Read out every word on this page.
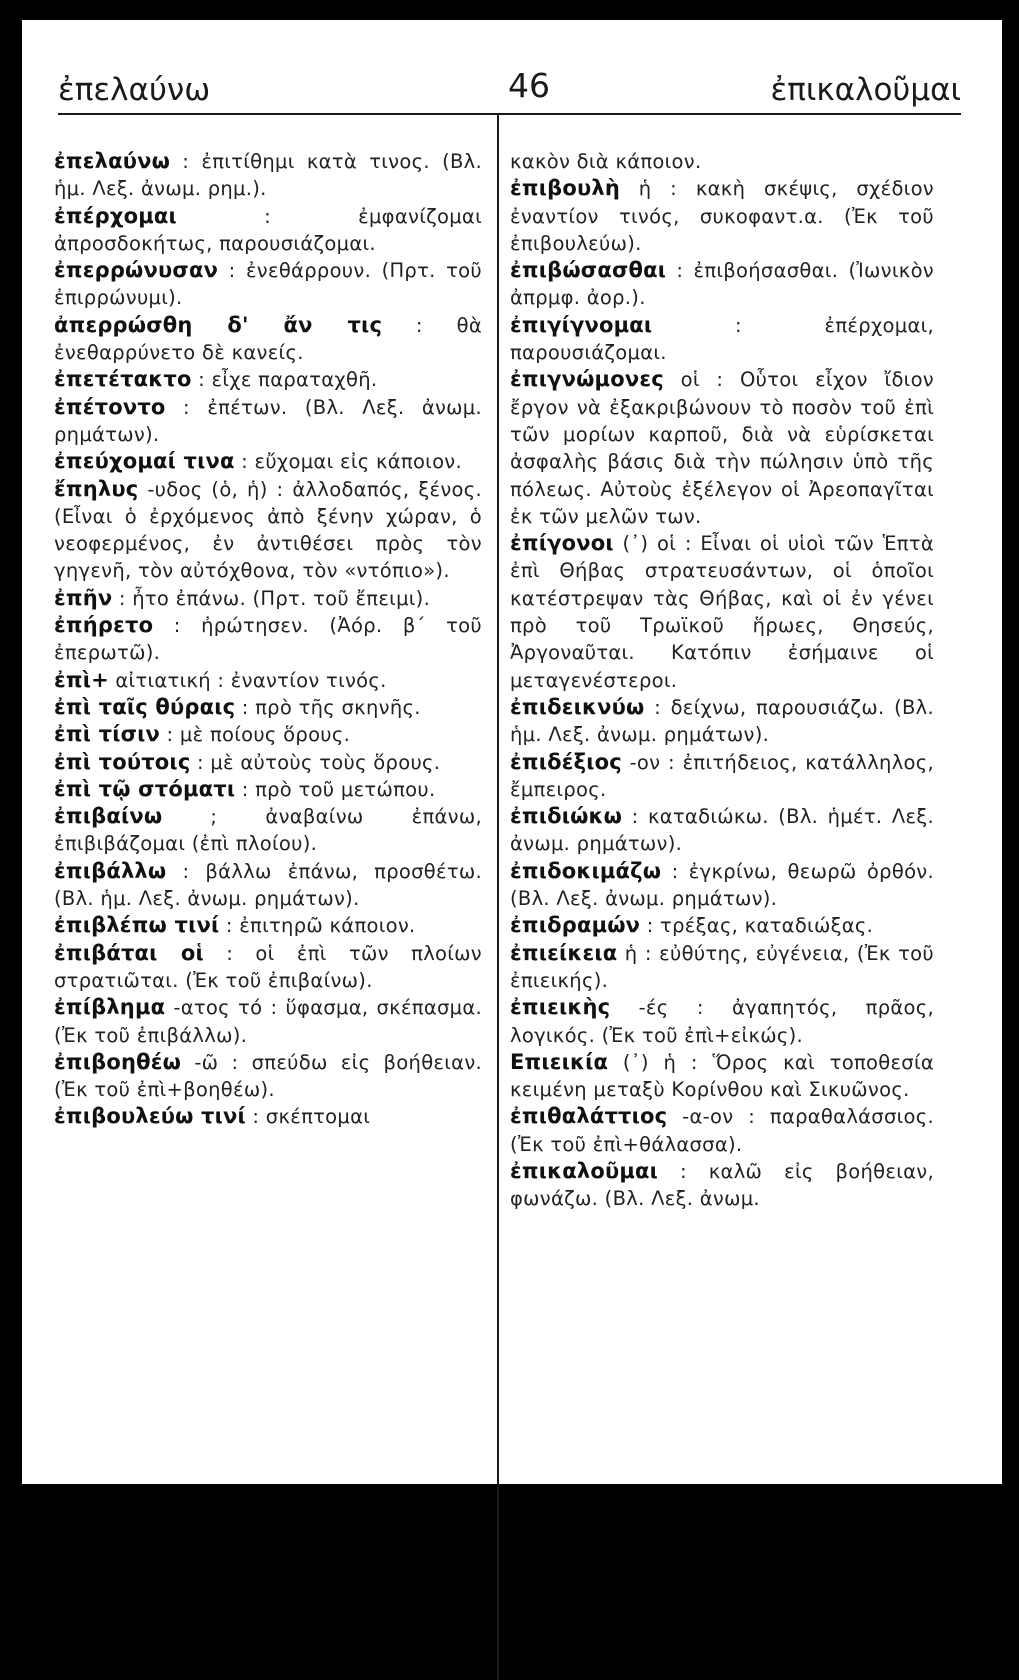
ἐπελαύνω	46	ἐπικαλοῦμαι

ἐπελαύνω : ἐπιτίθημι κατὰ τινος. (Βλ. ἡμ. Λεξ. ἀνωμ. ρημ.).

ἐπέρχομαι	: ἐμφανίζομαι ἀπροσδοκήτως, παρουσιάζομαι.

ἐπερρώνυσαν : ἐνεθάρρουν. (Πρτ. τοῦ ἐπιρρώνυμι).

ἀπερρώσθη δ' ἄν τις : θὰ ἐνεθαρρύνετο δὲ κανείς.

ἐπετέτακτο : εἶχε παραταχθῆ.

ἐπέτοντο : ἐπέτων. (Βλ. Λεξ. ἀνωμ. ρημάτων).

ἐπεύχομαί τινα : εὔχομαι εἰς κάποιον.

ἔπηλυς -υδος (ὁ, ἡ) : ἀλλοδαπός, ξένος. (Εἶναι ὁ ἐρχόμενος ἀπὸ ξένην χώραν, ὁ νεοφερμένος, ἐν ἀντιθέσει πρὸς τὸν γηγενῆ, τὸν αὐτόχθονα, τὸν «ντόπιο»).

ἐπῆν : ἦτο ἐπάνω. (Πρτ. τοῦ ἔπειμι).

ἐπήρετο : ἠρώτησεν. (Ἀόρ. β´ τοῦ ἐπερωτῶ).

ἐπὶ+ αἰτιατική : ἐναντίον τινός.

ἐπὶ ταῖς θύραις : πρὸ τῆς σκηνῆς.

ἐπὶ τίσιν : μὲ ποίους ὅρους.

ἐπὶ τούτοις : μὲ αὐτοὺς τοὺς ὅρους.

ἐπὶ τῷ στόματι : πρὸ τοῦ μετώπου.

ἐπιβαίνω ; ἀναβαίνω ἐπάνω, ἐπιβιβάζομαι (ἐπὶ πλοίου).

ἐπιβάλλω : βάλλω ἐπάνω, προσθέτω. (Βλ. ἡμ. Λεξ. ἀνωμ. ρημάτων).

ἐπιβλέπω τινί : ἐπιτηρῶ κάποιον.

ἐπιβάται οἱ : οἱ ἐπὶ τῶν πλοίων στρατιῶται. (Ἐκ τοῦ ἐπιβαίνω).

ἐπίβλημα -ατος τό : ὕφασμα, σκέπασμα. (Ἐκ τοῦ ἐπιβάλλω).

ἐπιβοηθέω -ῶ : σπεύδω εἰς βοήθειαν. (Ἐκ τοῦ ἐπὶ+βοηθέω).

ἐπιβουλεύω τινί : σκέπτομαι

κακὸν διὰ κάποιον.

ἐπιβουλὴ ἡ : κακὴ σκέψις, σχέδιον ἐναντίον τινός, συκοφαντ.α. (Ἐκ τοῦ ἐπιβουλεύω).

ἐπιβώσασθαι : ἐπιβοήσασθαι. (Ἰωνικὸν ἀπρμφ. ἀορ.).

ἐπιγίγνομαι	: ἐπέρχομαι, παρουσιάζομαι.

ἐπιγνώμονες οἱ : Οὗτοι εἶχον ἴδιον ἔργον νὰ ἐξακριβώνουν τὸ ποσὸν τοῦ ἐπὶ τῶν μορίων καρποῦ, διὰ νὰ εὑρίσκεται ἀσφαλὴς βάσις διὰ τὴν πώλησιν ὑπὸ τῆς πόλεως. Αὐτοὺς ἐξέλεγον οἱ Ἀρεοπαγῖται ἐκ τῶν μελῶν των.

ἐπίγονοι (᾿) οἱ : Εἶναι οἱ υἱοὶ τῶν Ἑπτὰ ἐπὶ Θήβας στρατευσάντων, οἱ ὁποῖοι κατέστρεψαν τὰς Θήβας, καὶ οἱ ἐν γένει πρὸ τοῦ Τρωϊκοῦ ἥρωες, Θησεύς, Ἀργοναῦται. Κατόπιν ἐσήμαινε οἱ μεταγενέστεροι.

ἐπιδεικνύω : δείχνω, παρουσιάζω. (Βλ. ἡμ. Λεξ. ἀνωμ. ρημάτων).

ἐπιδέξιος -ον : ἐπιτήδειος, κατάλληλος, ἔμπειρος.

ἐπιδιώκω : καταδιώκω. (Βλ. ἡμέτ. Λεξ. ἀνωμ. ρημάτων).

ἐπιδοκιμάζω : ἐγκρίνω, θεωρῶ ὀρθόν. (Βλ. Λεξ. ἀνωμ. ρημάτων).

ἐπιδραμών : τρέξας, καταδιώξας.

ἐπιείκεια ἡ : εὐθύτης, εὐγένεια, (Ἐκ τοῦ ἐπιεικής).

ἐπιεικὴς -ές : ἀγαπητός, πρᾶος, λογικός. (Ἐκ τοῦ ἐπὶ+εἰκώς).

Επιεικία (᾿) ἡ : Ὅρος καὶ τοποθεσία κειμένη μεταξὺ Κορίνθου καὶ Σικυῶνος.

ἐπιθαλάττιος -α-ον : παραθαλάσσιος. (Ἐκ τοῦ ἐπὶ+θάλασσα).

ἐπικαλοῦμαι : καλῶ εἰς βοήθειαν, φωνάζω. (Βλ. Λεξ. ἀνωμ.
